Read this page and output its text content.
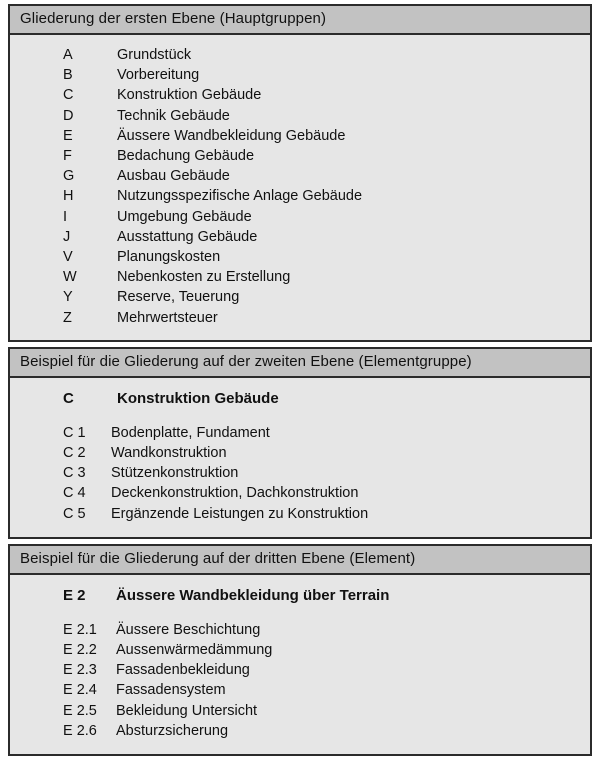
Gliederung der ersten Ebene (Hauptgruppen)
A	Grundstück
B	Vorbereitung
C	Konstruktion Gebäude
D	Technik Gebäude
E	Äussere Wandbekleidung Gebäude
F	Bedachung Gebäude
G	Ausbau Gebäude
H	Nutzungsspezifische Anlage Gebäude
I	Umgebung Gebäude
J	Ausstattung Gebäude
V	Planungskosten
W	Nebenkosten zu Erstellung
Y	Reserve, Teuerung
Z	Mehrwertsteuer
Beispiel für die Gliederung auf der zweiten Ebene (Elementgruppe)
C	Konstruktion Gebäude
C 1	Bodenplatte, Fundament
C 2	Wandkonstruktion
C 3	Stützenkonstruktion
C 4	Deckenkonstruktion, Dachkonstruktion
C 5	Ergänzende Leistungen zu Konstruktion
Beispiel für die Gliederung auf der dritten Ebene (Element)
E 2	Äussere Wandbekleidung über Terrain
E 2.1	Äussere Beschichtung
E 2.2	Aussenwärmedämmung
E 2.3	Fassadenbekleidung
E 2.4	Fassadensystem
E 2.5	Bekleidung Untersicht
E 2.6	Absturzsicherung
